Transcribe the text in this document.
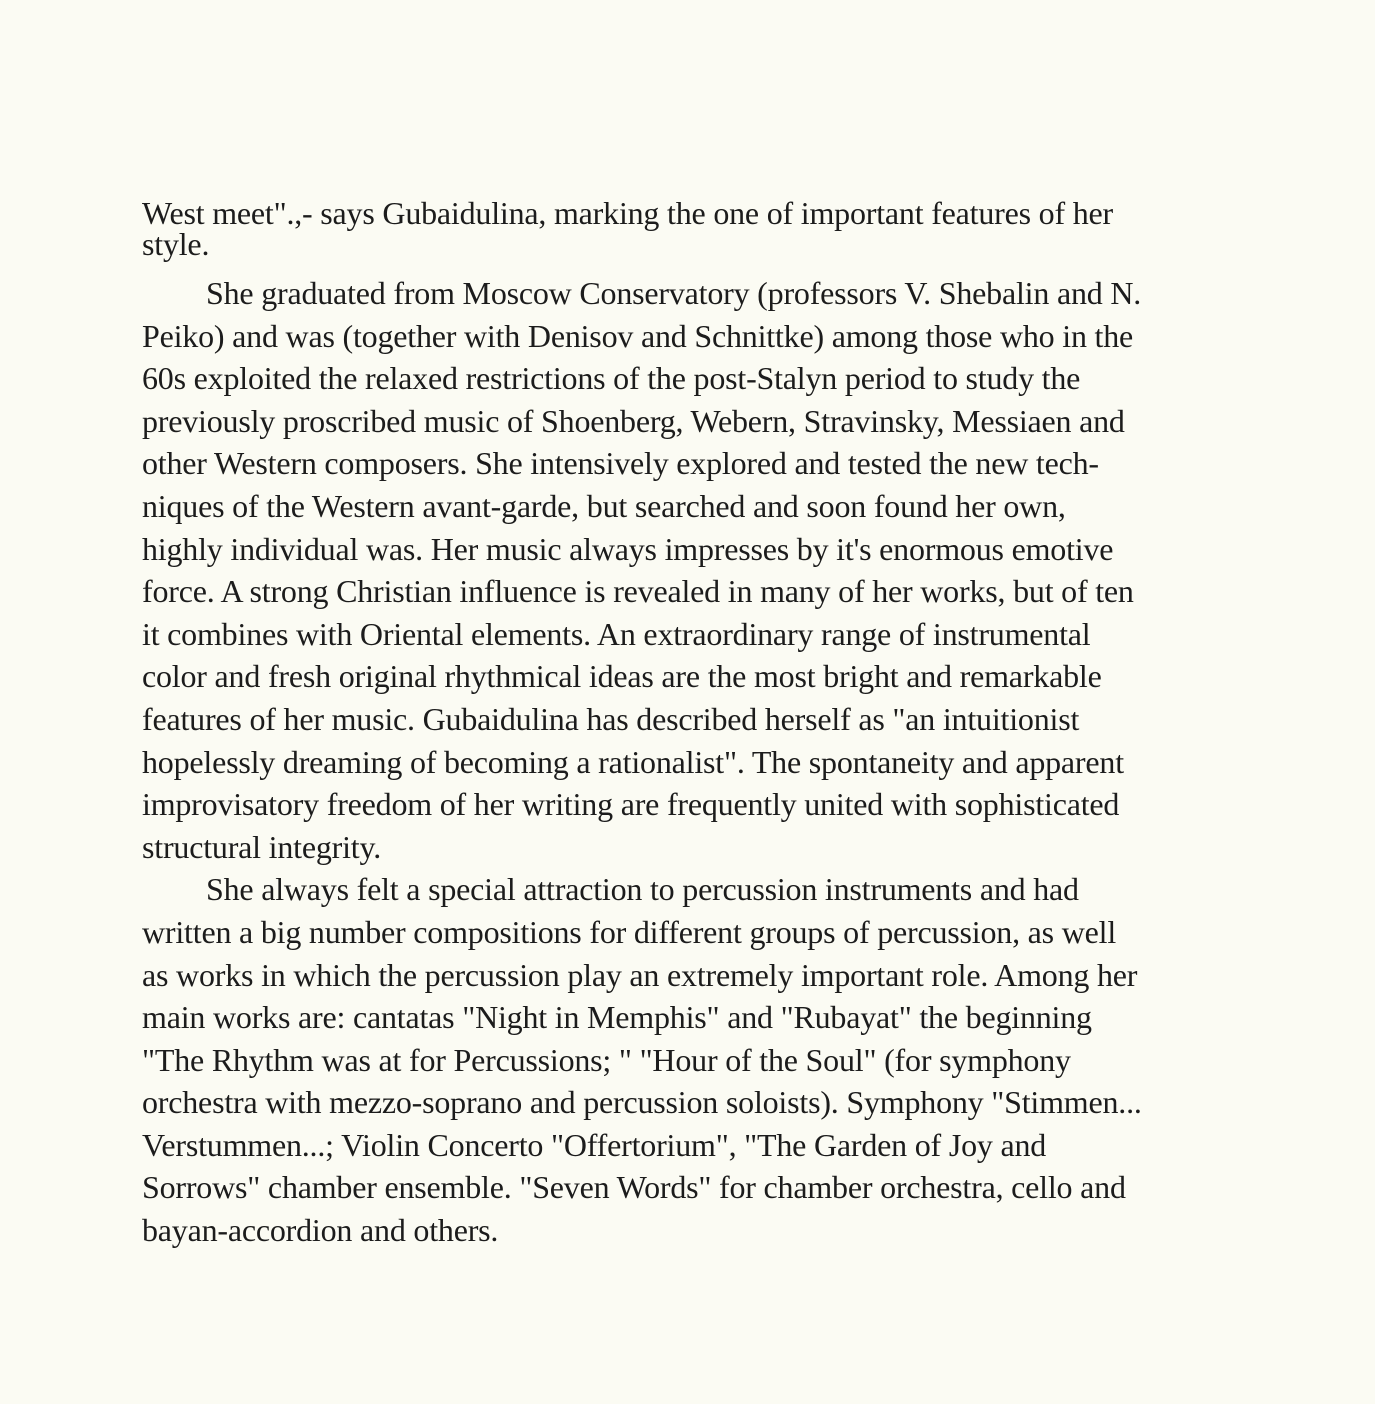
West meet".,- says Gubaidulina, marking the one of important features of her
style.
She graduated from Moscow Conservatory (professors V. Shebalin and N.
Peiko) and was (together with Denisov and Schnittke) among those who in the
60s exploited the relaxed restrictions of the post-Stalyn period to study the
previously proscribed music of Shoenberg, Webern, Stravinsky, Messiaen and
other Western composers. She intensively explored and tested the new tech-
niques of the Western avant-garde, but searched and soon found her own,
highly individual was. Her music always impresses by it's enormous emotive
force. A strong Christian influence is revealed in many of her works, but of ten
it combines with Oriental elements. An extraordinary range of instrumental
color and fresh original rhythmical ideas are the most bright and remarkable
features of her music. Gubaidulina has described herself as "an intuitionist
hopelessly dreaming of becoming a rationalist". The spontaneity and apparent
improvisatory freedom of her writing are frequently united with sophisticated
structural integrity.
She always felt a special attraction to percussion instruments and had
written a big number compositions for different groups of percussion, as well
as works in which the percussion play an extremely important role. Among her
main works are: cantatas "Night in Memphis" and "Rubayat" the beginning
"The Rhythm was at for Percussions; " "Hour of the Soul" (for symphony
orchestra with mezzo-soprano and percussion soloists). Symphony "Stimmen...
Verstummen...; Violin Concerto "Offertorium", "The Garden of Joy and
Sorrows" chamber ensemble. "Seven Words" for chamber orchestra, cello and
bayan-accordion and others.
